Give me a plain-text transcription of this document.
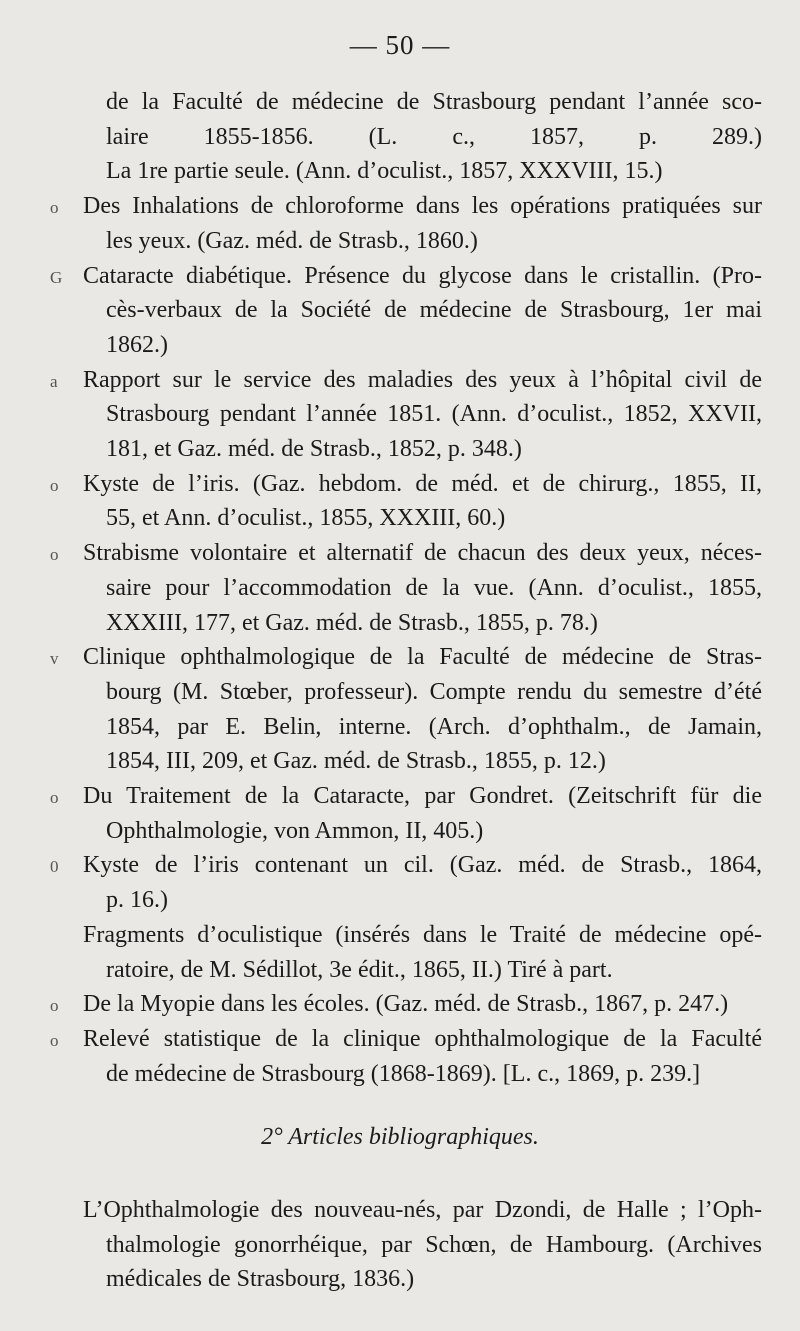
— 50 —
de la Faculté de médecine de Strasbourg pendant l’année sco-
laire 1855-1856. (L. c., 1857, p. 289.)
La 1re partie seule. (Ann. d’oculist., 1857, XXXVIII, 15.)
o Des Inhalations de chloroforme dans les opérations pratiquées sur
les yeux. (Gaz. méd. de Strasb., 1860.)
G Cataracte diabétique. Présence du glycose dans le cristallin. (Pro-
cès-verbaux de la Société de médecine de Strasbourg, 1er mai
1862.)
a Rapport sur le service des maladies des yeux à l’hôpital civil de
Strasbourg pendant l’année 1851. (Ann. d’oculist., 1852, XXVII,
181, et Gaz. méd. de Strasb., 1852, p. 348.)
o Kyste de l’iris. (Gaz. hebdom. de méd. et de chirurg., 1855, II,
55, et Ann. d’oculist., 1855, XXXIII, 60.)
o Strabisme volontaire et alternatif de chacun des deux yeux, néces-
saire pour l’accommodation de la vue. (Ann. d’oculist., 1855,
XXXIII, 177, et Gaz. méd. de Strasb., 1855, p. 78.)
v Clinique ophthalmologique de la Faculté de médecine de Stras-
bourg (M. Stœber, professeur). Compte rendu du semestre d’été
1854, par E. Belin, interne. (Arch. d’ophthalm., de Jamain,
1854, III, 209, et Gaz. méd. de Strasb., 1855, p. 12.)
o Du Traitement de la Cataracte, par Gondret. (Zeitschrift für die
Ophthalmologie, von Ammon, II, 405.)
0 Kyste de l’iris contenant un cil. (Gaz. méd. de Strasb., 1864,
p. 16.)
Fragments d’oculistique (insérés dans le Traité de médecine opé-
ratoire, de M. Sédillot, 3e édit., 1865, II.) Tiré à part.
o De la Myopie dans les écoles. (Gaz. méd. de Strasb., 1867, p. 247.)
o Relevé statistique de la clinique ophthalmologique de la Faculté
de médecine de Strasbourg (1868-1869). [L. c., 1869, p. 239.]
2° Articles bibliographiques.
L’Ophthalmologie des nouveau-nés, par Dzondi, de Halle ; l’Oph-
thalmologie gonorrhéique, par Schœn, de Hambourg. (Archives
médicales de Strasbourg, 1836.)
